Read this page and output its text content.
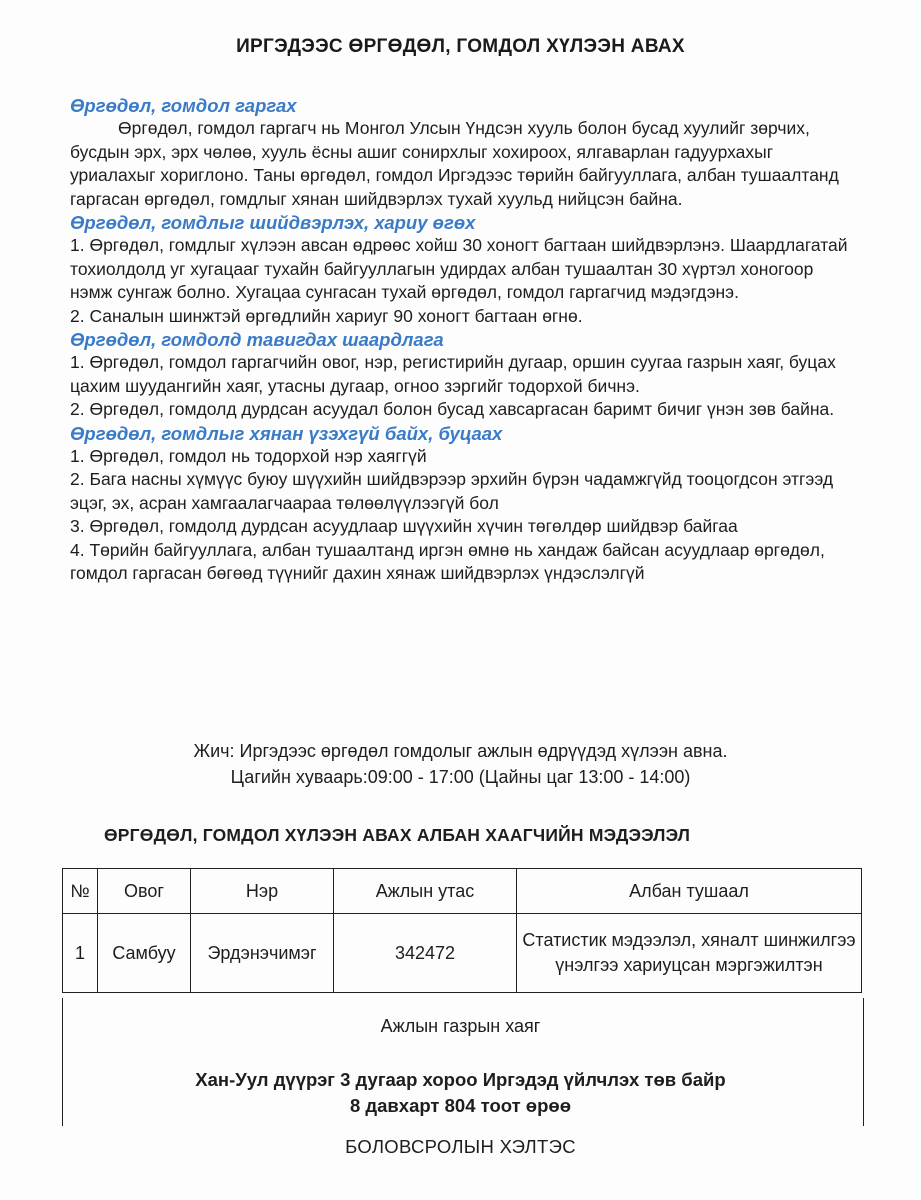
ИРГЭДЭЭС ӨРГӨДӨЛ, ГОМДОЛ ХҮЛЭЭН АВАХ

Өргөдөл, гомдол гаргах

Өргөдөл, гомдол гаргагч нь Монгол Улсын Үндсэн хууль болон бусад хуулийг зөрчих, бусдын эрх, эрх чөлөө, хууль ёсны ашиг сонирхлыг хохироох, ялгаварлан гадуурхахыг уриалахыг хориглоно. Таны өргөдөл, гомдол Иргэдээс төрийн байгууллага, албан тушаалтанд гаргасан өргөдөл, гомдлыг хянан шийдвэрлэх тухай хуульд нийцсэн байна.

Өргөдөл, гомдлыг шийдвэрлэх, хариу өгөх

1. Өргөдөл, гомдлыг хүлээн авсан өдрөөс хойш 30 хоногт багтаан шийдвэрлэнэ. Шаардлагатай тохиолдолд уг хугацааг тухайн байгууллагын удирдах албан тушаалтан 30 хүртэл хоногоор нэмж сунгаж болно. Хугацаа сунгасан тухай өргөдөл, гомдол гаргагчид мэдэгдэнэ.

2. Саналын шинжтэй өргөдлийн хариуг 90 хоногт багтаан өгнө.

Өргөдөл, гомдолд тавигдах шаардлага

1. Өргөдөл, гомдол гаргагчийн овог, нэр, регистирийн дугаар, оршин суугаа газрын хаяг, буцах цахим шуудангийн хаяг, утасны дугаар, огноо зэргийг тодорхой бичнэ.

2. Өргөдөл, гомдолд дурдсан асуудал болон бусад хавсаргасан баримт бичиг үнэн зөв байна.

Өргөдөл, гомдлыг хянан үзэхгүй байх, буцаах

1. Өргөдөл, гомдол нь тодорхой нэр хаяггүй

2. Бага насны хүмүүс буюу шүүхийн шийдвэрээр эрхийн бүрэн чадамжгүйд тооцогдсон этгээд эцэг, эх, асран хамгаалагчаараа төлөөлүүлээгүй бол

3. Өргөдөл, гомдолд дурдсан асуудлаар шүүхийн хүчин төгөлдөр шийдвэр байгаа

4. Төрийн байгууллага, албан тушаалтанд иргэн өмнө нь хандаж байсан асуудлаар өргөдөл, гомдол гаргасан бөгөөд түүнийг дахин хянаж шийдвэрлэх үндэслэлгүй

Жич: Иргэдээс өргөдөл гомдолыг ажлын өдрүүдэд хүлээн авна.
Цагийн хуваарь:09:00 - 17:00 (Цайны цаг 13:00 - 14:00)
ӨРГӨДӨЛ, ГОМДОЛ ХҮЛЭЭН АВАХ АЛБАН ХААГЧИЙН МЭДЭЭЛЭЛ
№	Овог	Нэр	Ажлын утас	Албан тушаал
1	Самбуу	Эрдэнэчимэг	342472	Статистик мэдээлэл, хяналт шинжилгээ үнэлгээ хариуцсан мэргэжилтэн
Ажлын газрын хаяг
Хан-Уул дүүрэг 3 дугаар хороо Иргэдэд үйлчлэх төв байр
8 давхарт 804 тоот өрөө
БОЛОВСРОЛЫН ХЭЛТЭС
